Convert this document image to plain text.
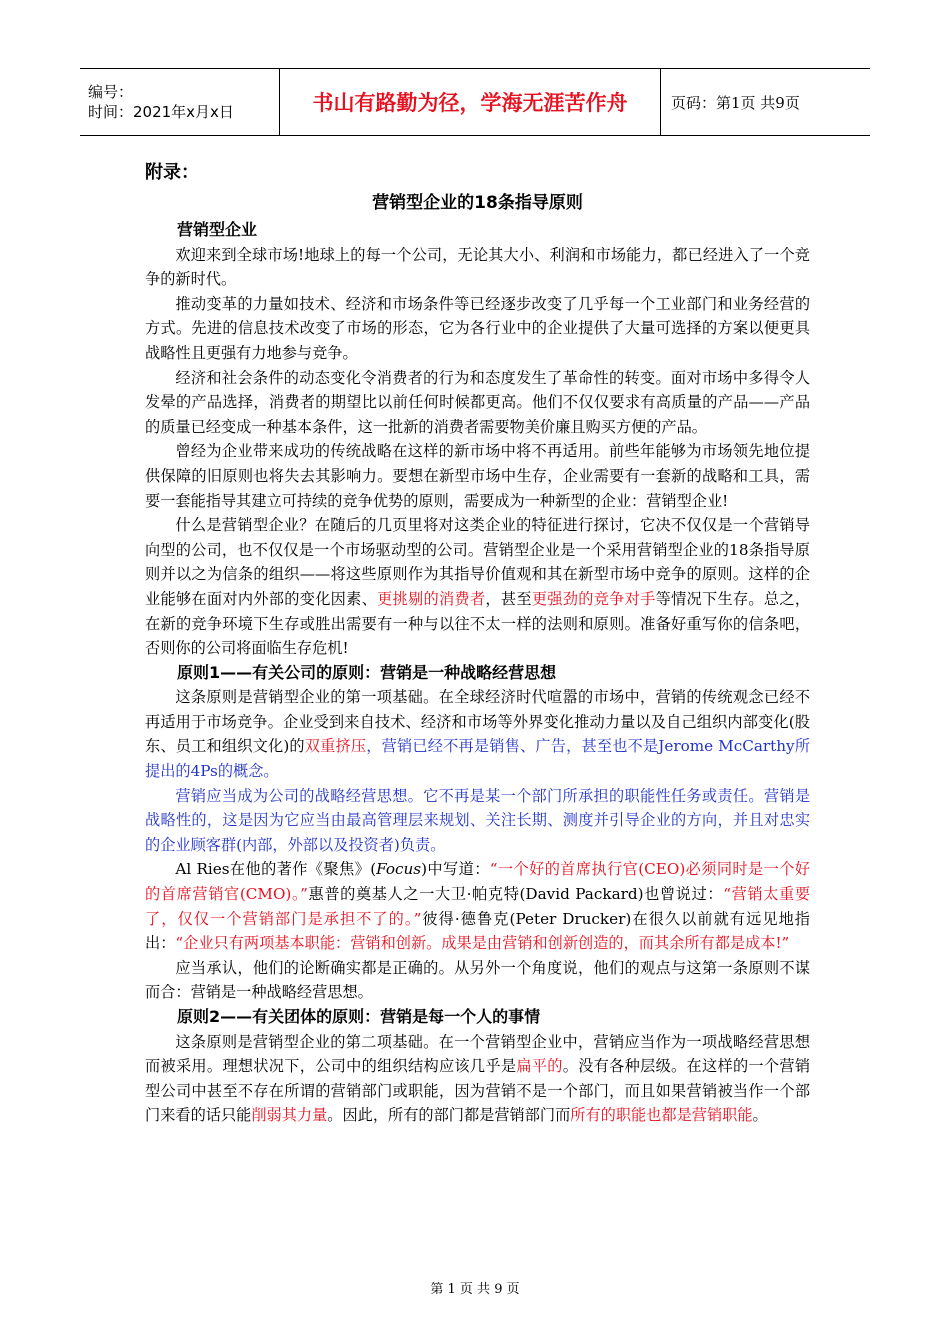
编号：
时间：2021年x月x日	书山有路勤为径，学海无涯苦作舟	页码：第1页 共9页

附录：

营销型企业的18条指导原则

营销型企业

欢迎来到全球市场!地球上的每一个公司，无论其大小、利润和市场能力，都已经进入了一个竞争的新时代。

推动变革的力量如技术、经济和市场条件等已经逐步改变了几乎每一个工业部门和业务经营的方式。先进的信息技术改变了市场的形态，它为各行业中的企业提供了大量可选择的方案以便更具战略性且更强有力地参与竞争。

经济和社会条件的动态变化令消费者的行为和态度发生了革命性的转变。面对市场中多得令人发晕的产品选择，消费者的期望比以前任何时候都更高。他们不仅仅要求有高质量的产品——产品的质量已经变成一种基本条件，这一批新的消费者需要物美价廉且购买方便的产品。

曾经为企业带来成功的传统战略在这样的新市场中将不再适用。前些年能够为市场领先地位提供保障的旧原则也将失去其影响力。要想在新型市场中生存，企业需要有一套新的战略和工具，需要一套能指导其建立可持续的竞争优势的原则，需要成为一种新型的企业：营销型企业!

什么是营销型企业？在随后的几页里将对这类企业的特征进行探讨，它决不仅仅是一个营销导向型的公司，也不仅仅是一个市场驱动型的公司。营销型企业是一个采用营销型企业的18条指导原则并以之为信条的组织——将这些原则作为其指导价值观和其在新型市场中竞争的原则。这样的企业能够在面对内外部的变化因素、更挑剔的消费者，甚至更强劲的竞争对手等情况下生存。总之，在新的竞争环境下生存或胜出需要有一种与以往不太一样的法则和原则。准备好重写你的信条吧，否则你的公司将面临生存危机!

原则1——有关公司的原则：营销是一种战略经营思想

这条原则是营销型企业的第一项基础。在全球经济时代喧嚣的市场中，营销的传统观念已经不再适用于市场竞争。企业受到来自技术、经济和市场等外界变化推动力量以及自己组织内部变化(股东、员工和组织文化)的双重挤压，营销已经不再是销售、广告，甚至也不是Jerome McCarthy所提出的4Ps的概念。

营销应当成为公司的战略经营思想。它不再是某一个部门所承担的职能性任务或责任。营销是战略性的，这是因为它应当由最高管理层来规划、关注长期、测度并引导企业的方向，并且对忠实的企业顾客群(内部，外部以及投资者)负责。

Al Ries在他的著作《聚焦》(Focus)中写道：“一个好的首席执行官(CEO)必须同时是一个好的首席营销官(CMO)。”惠普的奠基人之一大卫·帕克特(David Packard)也曾说过：“营销太重要了，仅仅一个营销部门是承担不了的。”彼得·德鲁克(Peter Drucker)在很久以前就有远见地指出：“企业只有两项基本职能：营销和创新。成果是由营销和创新创造的，而其余所有都是成本!”

应当承认，他们的论断确实都是正确的。从另外一个角度说，他们的观点与这第一条原则不谋而合：营销是一种战略经营思想。

原则2——有关团体的原则：营销是每一个人的事情

这条原则是营销型企业的第二项基础。在一个营销型企业中，营销应当作为一项战略经营思想而被采用。理想状况下，公司中的组织结构应该几乎是扁平的。没有各种层级。在这样的一个营销型公司中甚至不存在所谓的营销部门或职能，因为营销不是一个部门，而且如果营销被当作一个部门来看的话只能削弱其力量。因此，所有的部门都是营销部门而所有的职能也都是营销职能。

第 1 页 共 9 页
